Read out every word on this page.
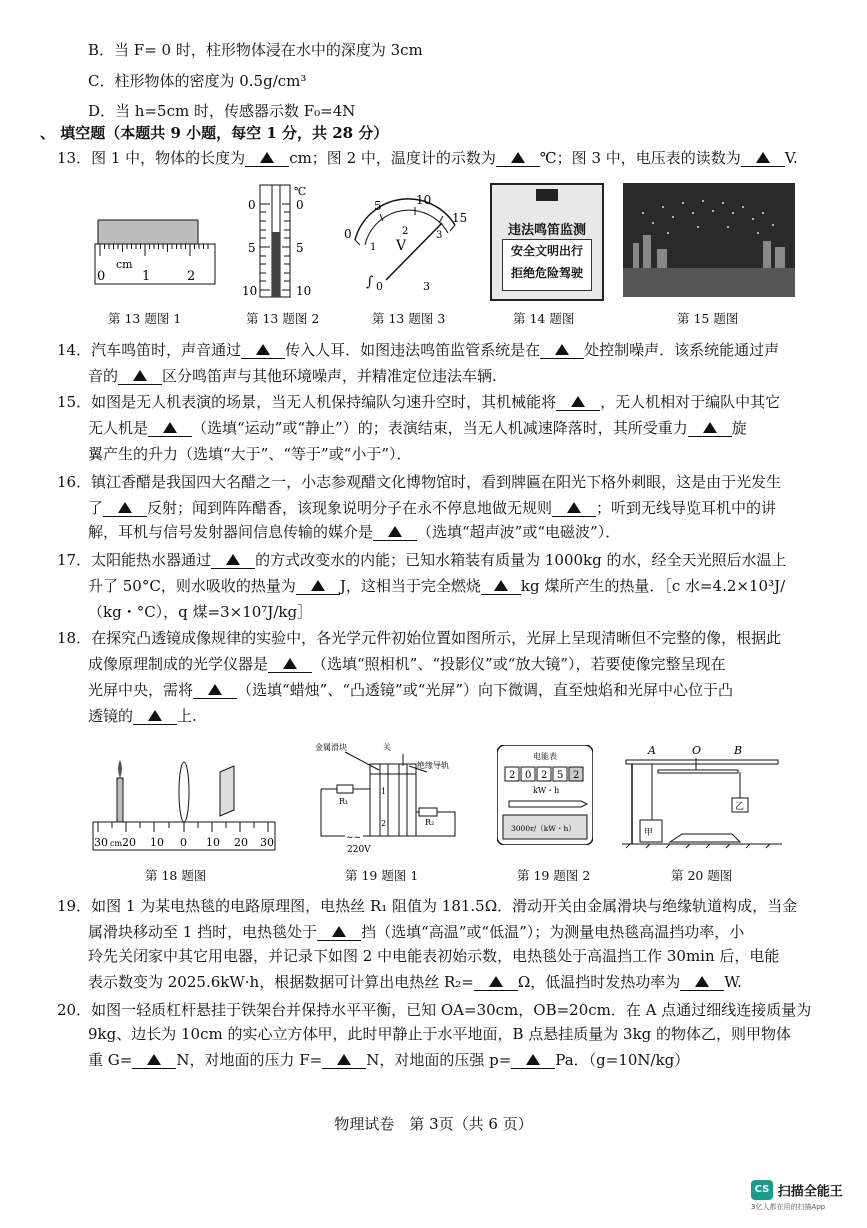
B．当 F= 0 时，柱形物体浸在水中的深度为 3cm
C．柱形物体的密度为 0.5g/cm³
D．当 h=5cm 时，传感器示数 F₀=4N
、 填空题（本题共 9 小题，每空 1 分，共 28 分）
13．图 1 中，物体的长度为	cm；图 2 中，温度计的示数为	℃；图 3 中，电压表的读数为	V.
cm
0	1	2
℃
0
5
10
0
5
10
0
5	10
15
1
2	3
V
∫ 0	3
违法鸣笛监测
安全文明出行
拒绝危险驾驶
第 13 题图 1	第 13 题图 2	第 13 题图 3	第 14 题图	第 15 题图
14．汽车鸣笛时，声音通过	传入人耳．如图违法鸣笛监管系统是在	处控制噪声．该系统能通过声
音的	区分鸣笛声与其他环境噪声，并精准定位违法车辆.
15．如图是无人机表演的场景，当无人机保持编队匀速升空时，其机械能将	，无人机相对于编队中其它
无人机是	（选填“运动”或“静止”）的；表演结束，当无人机减速降落时，其所受重力	旋
翼产生的升力（选填“大于”、“等于”或“小于”）．
16．镇江香醋是我国四大名醋之一，小志参观醋文化博物馆时，看到牌匾在阳光下格外刺眼，这是由于光发生
了	反射；闻到阵阵醋香，该现象说明分子在永不停息地做无规则	；听到无线导览耳机中的讲
解，耳机与信号发射器间信息传输的媒介是	（选填“超声波”或“电磁波”）．
17．太阳能热水器通过	的方式改变水的内能；已知水箱装有质量为 1000kg 的水，经全天光照后水温上
升了 50°C，则水吸收的热量为	J，这相当于完全燃烧	kg 煤所产生的热量．［c 水=4.2×10³J/
（kg・°C），q 煤=3×10⁷J/kg］
18．在探究凸透镜成像规律的实验中，各光学元件初始位置如图所示，光屏上呈现清晰但不完整的像，根据此
成像原理制成的光学仪器是	（选填“照相机”、“投影仪”或“放大镜”），若要使像完整呈现在
光屏中央，需将	（选填“蜡烛”、“凸透镜”或“光屏”）向下微调，直至烛焰和光屏中心位于凸
透镜的	上.
30 cm 20 10 0 10 20 30
金属滑块	关
绝缘导轨
1
2
R₁
R₂
~~
220V
电能表
2 0 2 5 2
kW・h
3000r/（kW・h）
A	O	B
乙
甲
第 18 题图	第 19 题图 1	第 19 题图 2	第 20 题图
19．如图 1 为某电热毯的电路原理图，电热丝 R₁ 阻值为 181.5Ω．滑动开关由金属滑块与绝缘轨道构成，当金
属滑块移动至 1 挡时，电热毯处于	挡（选填“高温”或“低温”）；为测量电热毯高温挡功率，小
玲先关闭家中其它用电器，并记录下如图 2 中电能表初始示数，电热毯处于高温挡工作 30min 后，电能
表示数变为 2025.6kW·h，根据数据可计算出电热丝 R₂=	Ω，低温挡时发热功率为	W.
20．如图一轻质杠杆悬挂于铁架台并保持水平平衡，已知 OA=30cm，OB=20cm．在 A 点通过细线连接质量为
9kg、边长为 10cm 的实心立方体甲，此时甲静止于水平地面，B 点悬挂质量为 3kg 的物体乙，则甲物体
重 G=	N，对地面的压力 F=	N，对地面的压强 p=	Pa．（g=10N/kg）
物理试卷　第 3页（共 6 页）
CS 扫描全能王
3亿人都在用的扫描App
